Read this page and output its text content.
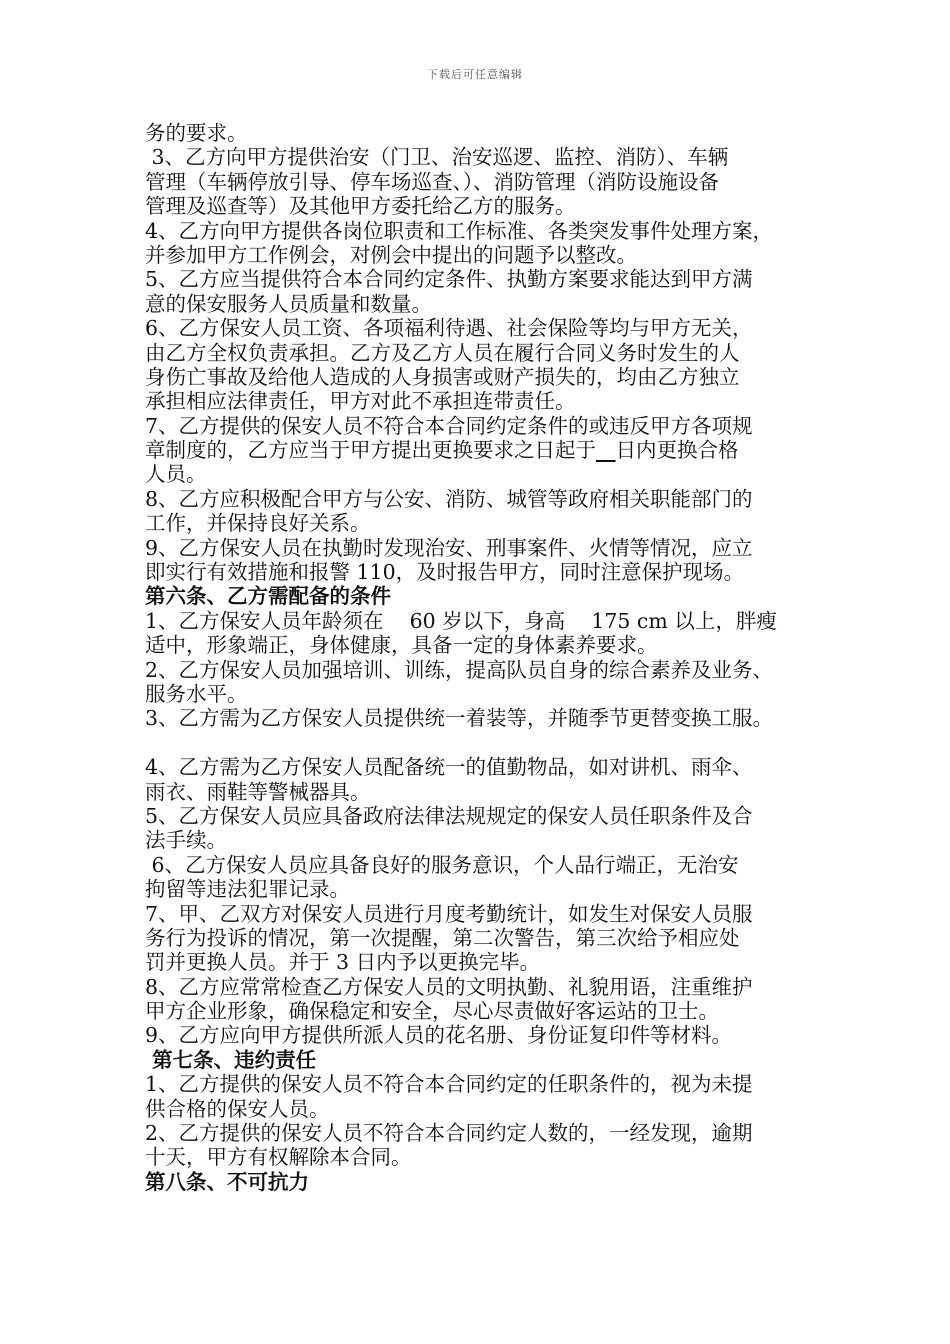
下载后可任意编辑
务的要求。
3、乙方向甲方提供治安（门卫、治安巡逻、监控、消防）、车辆
管理（车辆停放引导、停车场巡查、）、消防管理（消防设施设备
管理及巡查等）及其他甲方委托给乙方的服务。
4、乙方向甲方提供各岗位职责和工作标准、各类突发事件处理方案，
并参加甲方工作例会，对例会中提出的问题予以整改。
5、乙方应当提供符合本合同约定条件、执勤方案要求能达到甲方满
意的保安服务人员质量和数量。
6、乙方保安人员工资、各项福利待遇、社会保险等均与甲方无关，
由乙方全权负责承担。乙方及乙方人员在履行合同义务时发生的人
身伤亡事故及给他人造成的人身损害或财产损失的，均由乙方独立
承担相应法律责任，甲方对此不承担连带责任。
7、乙方提供的保安人员不符合本合同约定条件的或违反甲方各项规
章制度的，乙方应当于甲方提出更换要求之日起于 日内更换合格
人员。
8、乙方应积极配合甲方与公安、消防、城管等政府相关职能部门的
工作，并保持良好关系。
9、乙方保安人员在执勤时发现治安、刑事案件、火情等情况，应立
即实行有效措施和报警 110，及时报告甲方，同时注意保护现场。
第六条、乙方需配备的条件
1、乙方保安人员年龄须在    60 岁以下，身高    175 cm 以上，胖瘦
适中，形象端正，身体健康，具备一定的身体素养要求。
2、乙方保安人员加强培训、训练，提高队员自身的综合素养及业务、
服务水平。
3、乙方需为乙方保安人员提供统一着装等，并随季节更替变换工服。
4、乙方需为乙方保安人员配备统一的值勤物品，如对讲机、雨伞、
雨衣、雨鞋等警械器具。
5、乙方保安人员应具备政府法律法规规定的保安人员任职条件及合
法手续。
6、乙方保安人员应具备良好的服务意识，个人品行端正，无治安
拘留等违法犯罪记录。
7、甲、乙双方对保安人员进行月度考勤统计，如发生对保安人员服
务行为投诉的情况，第一次提醒，第二次警告，第三次给予相应处
罚并更换人员。并于 3 日内予以更换完毕。
8、乙方应常常检查乙方保安人员的文明执勤、礼貌用语，注重维护
甲方企业形象，确保稳定和安全，尽心尽责做好客运站的卫士。
9、乙方应向甲方提供所派人员的花名册、身份证复印件等材料。
第七条、违约责任
1、乙方提供的保安人员不符合本合同约定的任职条件的，视为未提
供合格的保安人员。
2、乙方提供的保安人员不符合本合同约定人数的，一经发现，逾期
十天，甲方有权解除本合同。
第八条、不可抗力
